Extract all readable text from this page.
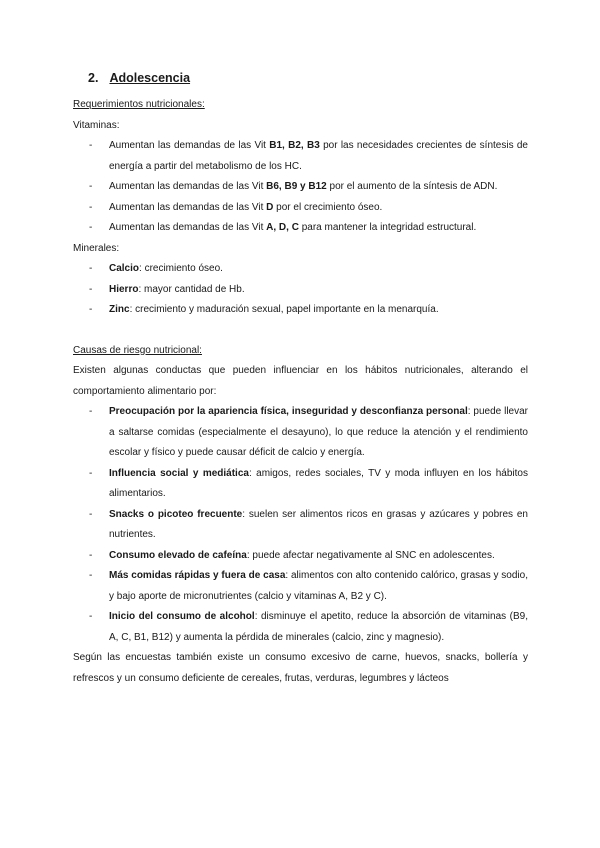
2. Adolescencia
Requerimientos nutricionales:
Vitaminas:
- Aumentan las demandas de las Vit B1, B2, B3 por las necesidades crecientes de síntesis de energía a partir del metabolismo de los HC.
- Aumentan las demandas de las Vit B6, B9 y B12 por el aumento de la síntesis de ADN.
- Aumentan las demandas de las Vit D por el crecimiento óseo.
- Aumentan las demandas de las Vit A, D, C para mantener la integridad estructural.
Minerales:
- Calcio: crecimiento óseo.
- Hierro: mayor cantidad de Hb.
- Zinc: crecimiento y maduración sexual, papel importante en la menarquía.
Causas de riesgo nutricional:

Existen algunas conductas que pueden influenciar en los hábitos nutricionales, alterando el comportamiento alimentario por:

- Preocupación por la apariencia física, inseguridad y desconfianza personal: puede llevar a saltarse comidas (especialmente el desayuno), lo que reduce la atención y el rendimiento escolar y físico y puede causar déficit de calcio y energía.
- Influencia social y mediática: amigos, redes sociales, TV y moda influyen en los hábitos alimentarios.
- Snacks o picoteo frecuente: suelen ser alimentos ricos en grasas y azúcares y pobres en nutrientes.
- Consumo elevado de cafeína: puede afectar negativamente al SNC en adolescentes.
- Más comidas rápidas y fuera de casa: alimentos con alto contenido calórico, grasas y sodio, y bajo aporte de micronutrientes (calcio y vitaminas A, B2 y C).
- Inicio del consumo de alcohol: disminuye el apetito, reduce la absorción de vitaminas (B9, A, C, B1, B12) y aumenta la pérdida de minerales (calcio, zinc y magnesio).

Según las encuestas también existe un consumo excesivo de carne, huevos, snacks, bollería y refrescos y un consumo deficiente de cereales, frutas, verduras, legumbres y lácteos
